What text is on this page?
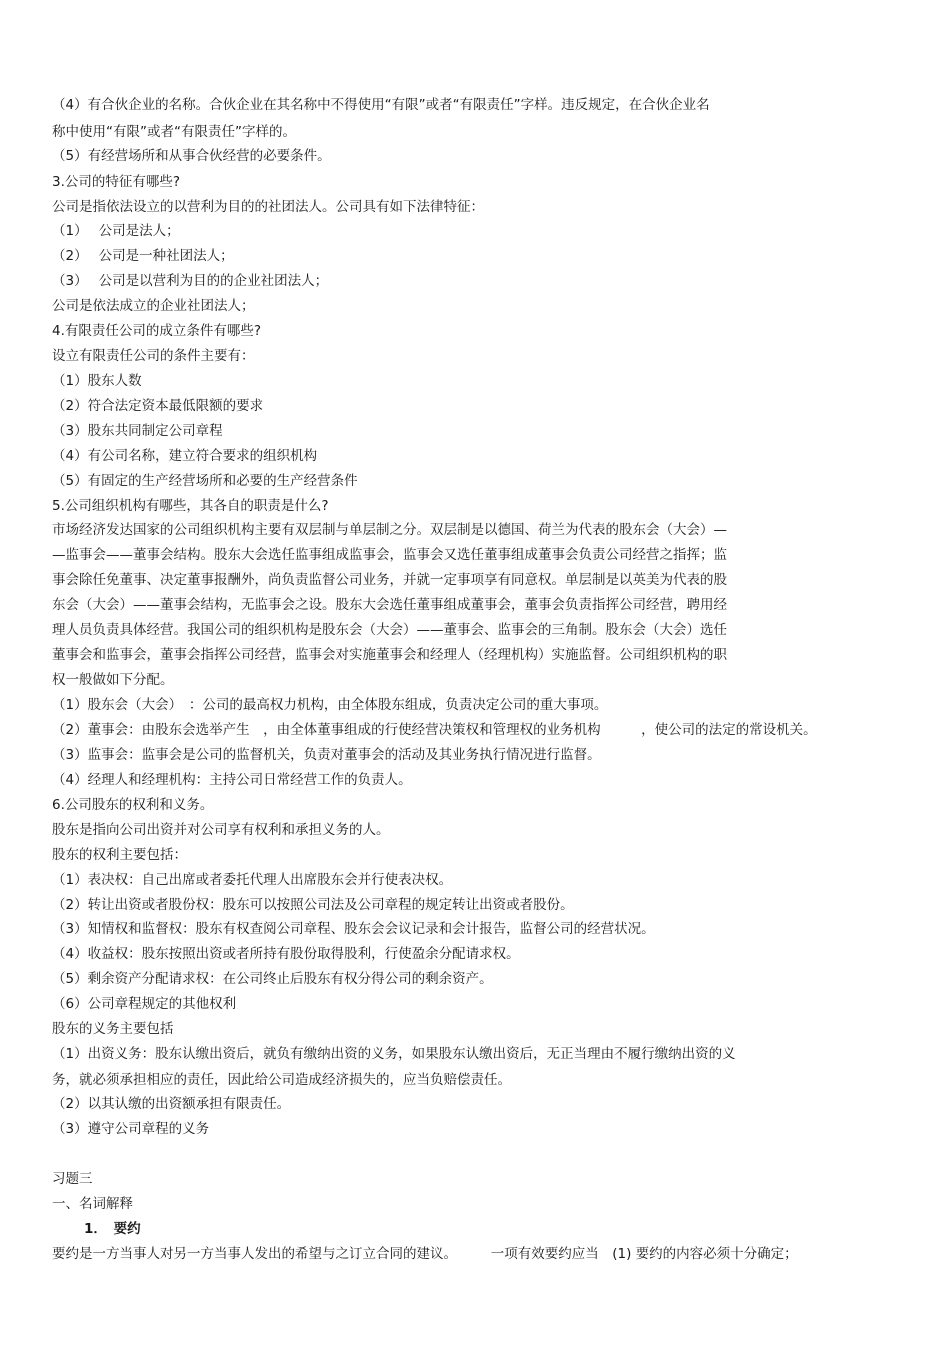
（4）有合伙企业的名称。合伙企业在其名称中不得使用“有限”或者“有限责任”字样。违反规定，在合伙企业名
称中使用“有限”或者“有限责任”字样的。
（5）有经营场所和从事合伙经营的必要条件。
3.公司的特征有哪些?
公司是指依法设立的以营利为目的的社团法人。公司具有如下法律特征：
（1）　 公司是法人；
（2）　 公司是一种社团法人；
（3）　 公司是以营利为目的的企业社团法人；
公司是依法成立的企业社团法人；
4.有限责任公司的成立条件有哪些?
设立有限责任公司的条件主要有：
（1）股东人数
（2）符合法定资本最低限额的要求
（3）股东共同制定公司章程
（4）有公司名称，建立符合要求的组织机构
（5）有固定的生产经营场所和必要的生产经营条件
5.公司组织机构有哪些，其各自的职责是什么?
市场经济发达国家的公司组织机构主要有双层制与单层制之分。双层制是以德国、荷兰为代表的股东会（大会）—
—监事会——董事会结构。股东大会选任监事组成监事会，监事会又选任董事组成董事会负责公司经营之指挥；监
事会除任免董事、决定董事报酬外，尚负责监督公司业务，并就一定事项享有同意权。单层制是以英美为代表的股
东会（大会）——董事会结构，无监事会之设。股东大会选任董事组成董事会，董事会负责指挥公司经营，聘用经
理人员负责具体经营。我国公司的组织机构是股东会（大会）——董事会、监事会的三角制。股东会（大会）选任
董事会和监事会，董事会指挥公司经营，监事会对实施董事会和经理人（经理机构）实施监督。公司组织机构的职
权一般做如下分配。
（1）股东会（大会）　：公司的最高权力机构，由全体股东组成，负责决定公司的重大事项。
（2）董事会：由股东会选举产生　，由全体董事组成的行使经营决策权和管理权的业务机构　　　，使公司的法定的常设机关。
（3）监事会：监事会是公司的监督机关，负责对董事会的活动及其业务执行情况进行监督。
（4）经理人和经理机构：主持公司日常经营工作的负责人。
6.公司股东的权利和义务。
股东是指向公司出资并对公司享有权利和承担义务的人。
股东的权利主要包括：
（1）表决权：自己出席或者委托代理人出席股东会并行使表决权。
（2）转让出资或者股份权：股东可以按照公司法及公司章程的规定转让出资或者股份。
（3）知情权和监督权：股东有权查阅公司章程、股东会会议记录和会计报告，监督公司的经营状况。
（4）收益权：股东按照出资或者所持有股份取得股利，行使盈余分配请求权。
（5）剩余资产分配请求权：在公司终止后股东有权分得公司的剩余资产。
（6）公司章程规定的其他权利
股东的义务主要包括
（1）出资义务：股东认缴出资后，就负有缴纳出资的义务，如果股东认缴出资后，无正当理由不履行缴纳出资的义
务，就必须承担相应的责任，因此给公司造成经济损失的，应当负赔偿责任。
（2）以其认缴的出资额承担有限责任。
（3）遵守公司章程的义务
习题三
一、名词解释
1．　要约
要约是一方当事人对另一方当事人发出的希望与之订立合同的建议。　　　一项有效要约应当　(1) 要约的内容必须十分确定；
